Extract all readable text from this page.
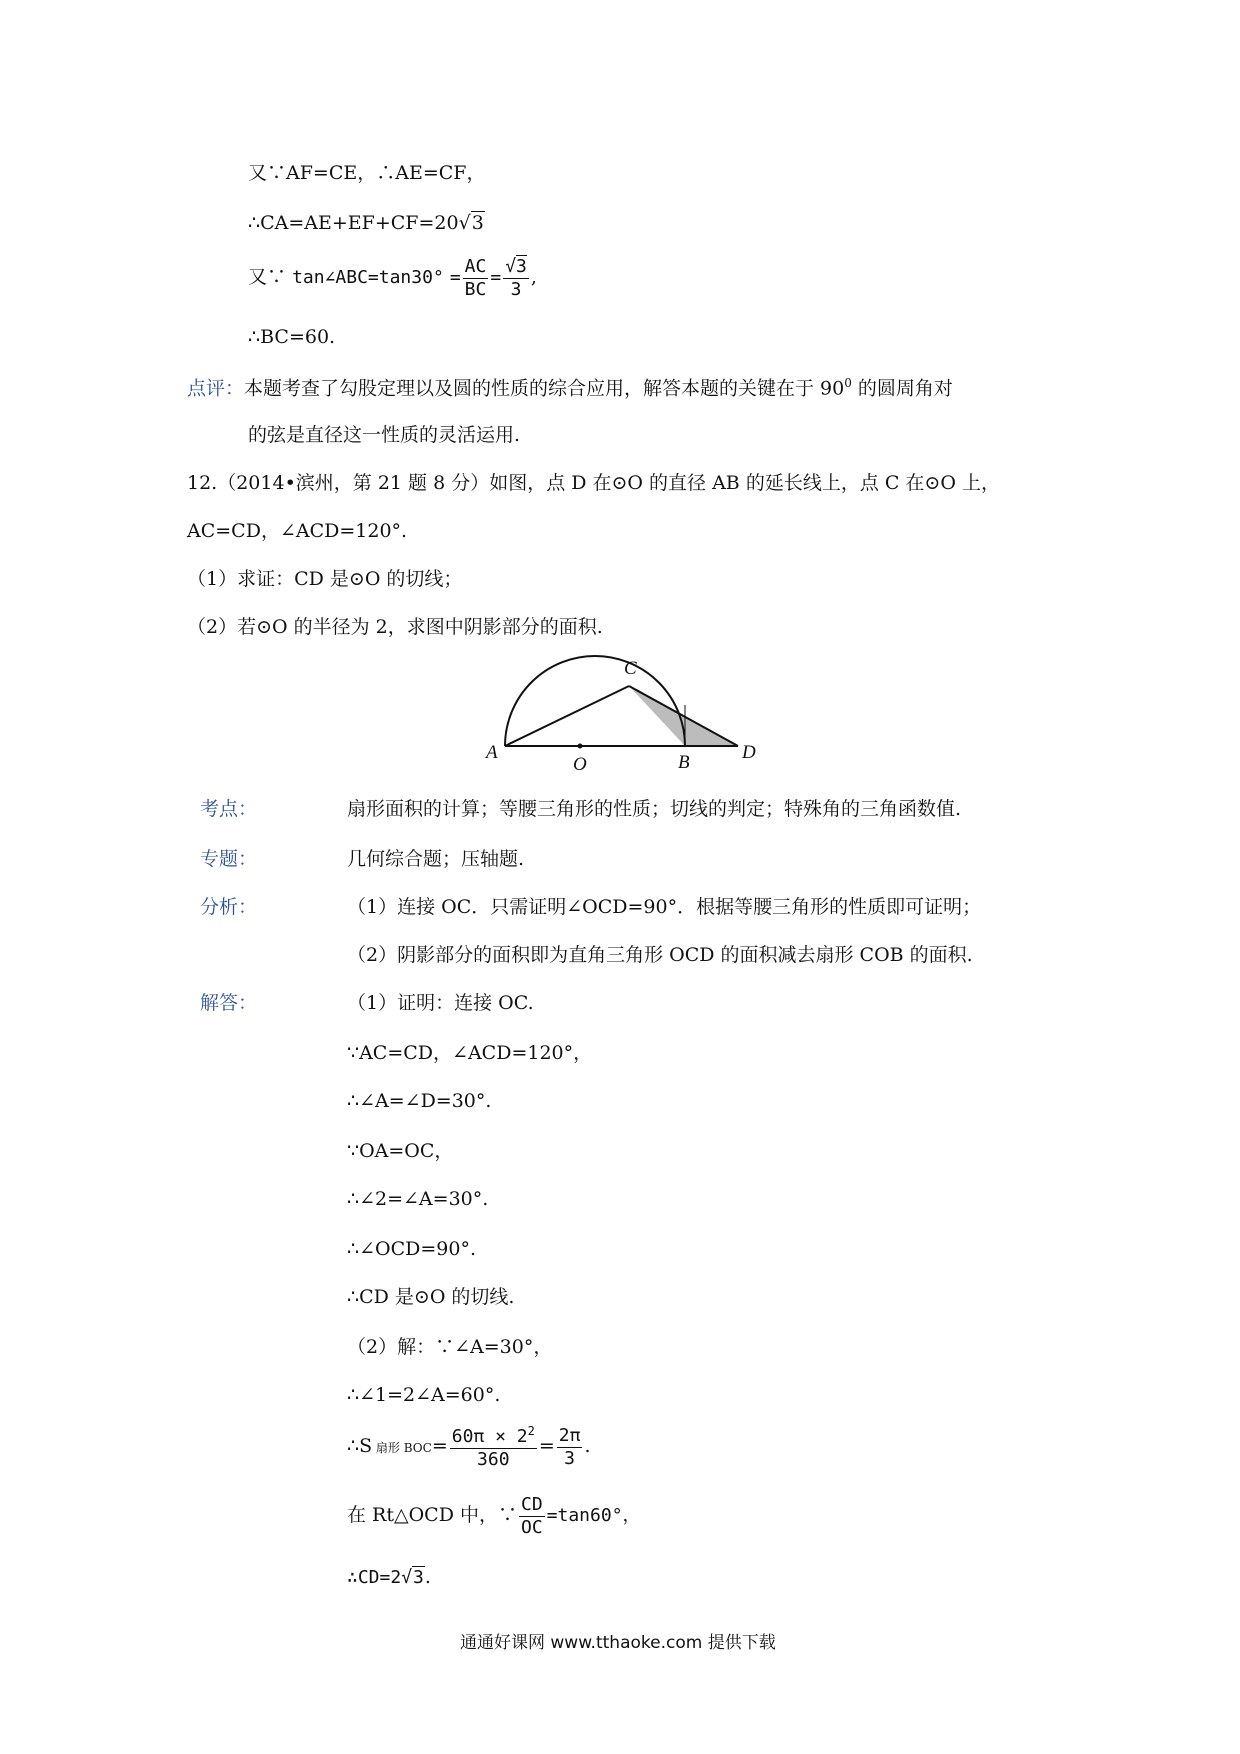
又∵AF=CE，∴AE=CF，
∴CA=AE+EF+CF=20√3
又∵ tan∠ABC=tan30° = $\frac{AC}{BC} = \frac{√3}{3}$ ,
∴BC=60.
点评：本题考查了勾股定理以及圆的性质的综合应用，解答本题的关键在于 $90^0$ 的圆周角对
的弦是直径这一性质的灵活运用.
12.（2014•滨州，第 21 题 8 分）如图，点 D 在⊙O 的直径 AB 的延长线上，点 C 在⊙O 上，
AC=CD，∠ACD=120°.
（1）求证：CD 是⊙O 的切线；
（2）若⊙O 的半径为 2，求图中阴影部分的面积.
A
O	B
C
D
考点：	扇形面积的计算；等腰三角形的性质；切线的判定；特殊角的三角函数值.
专题：	几何综合题；压轴题.
分析：	（1）连接 OC．只需证明∠OCD=90°．根据等腰三角形的性质即可证明；
（2）阴影部分的面积即为直角三角形 OCD 的面积减去扇形 COB 的面积.
解答：	（1）证明：连接 OC.
∵AC=CD，∠ACD=120°，
∴∠A=∠D=30°.
∵OA=OC，
∴∠2=∠A=30°.
∴∠OCD=90°.
∴CD 是⊙O 的切线.
（2）解：∵∠A=30°，
∴∠1=2∠A=60°.
∴S 扇形 $BOC= \frac{60\pi \times 2^2}{360} = \frac{2\pi}{3}$ .
在 Rt△OCD 中，∵ $\frac{CD}{OC} =\tan 60^\circ$，
∴CD=2√3.
通通好课网 www.tthaoke.com 提供下载
